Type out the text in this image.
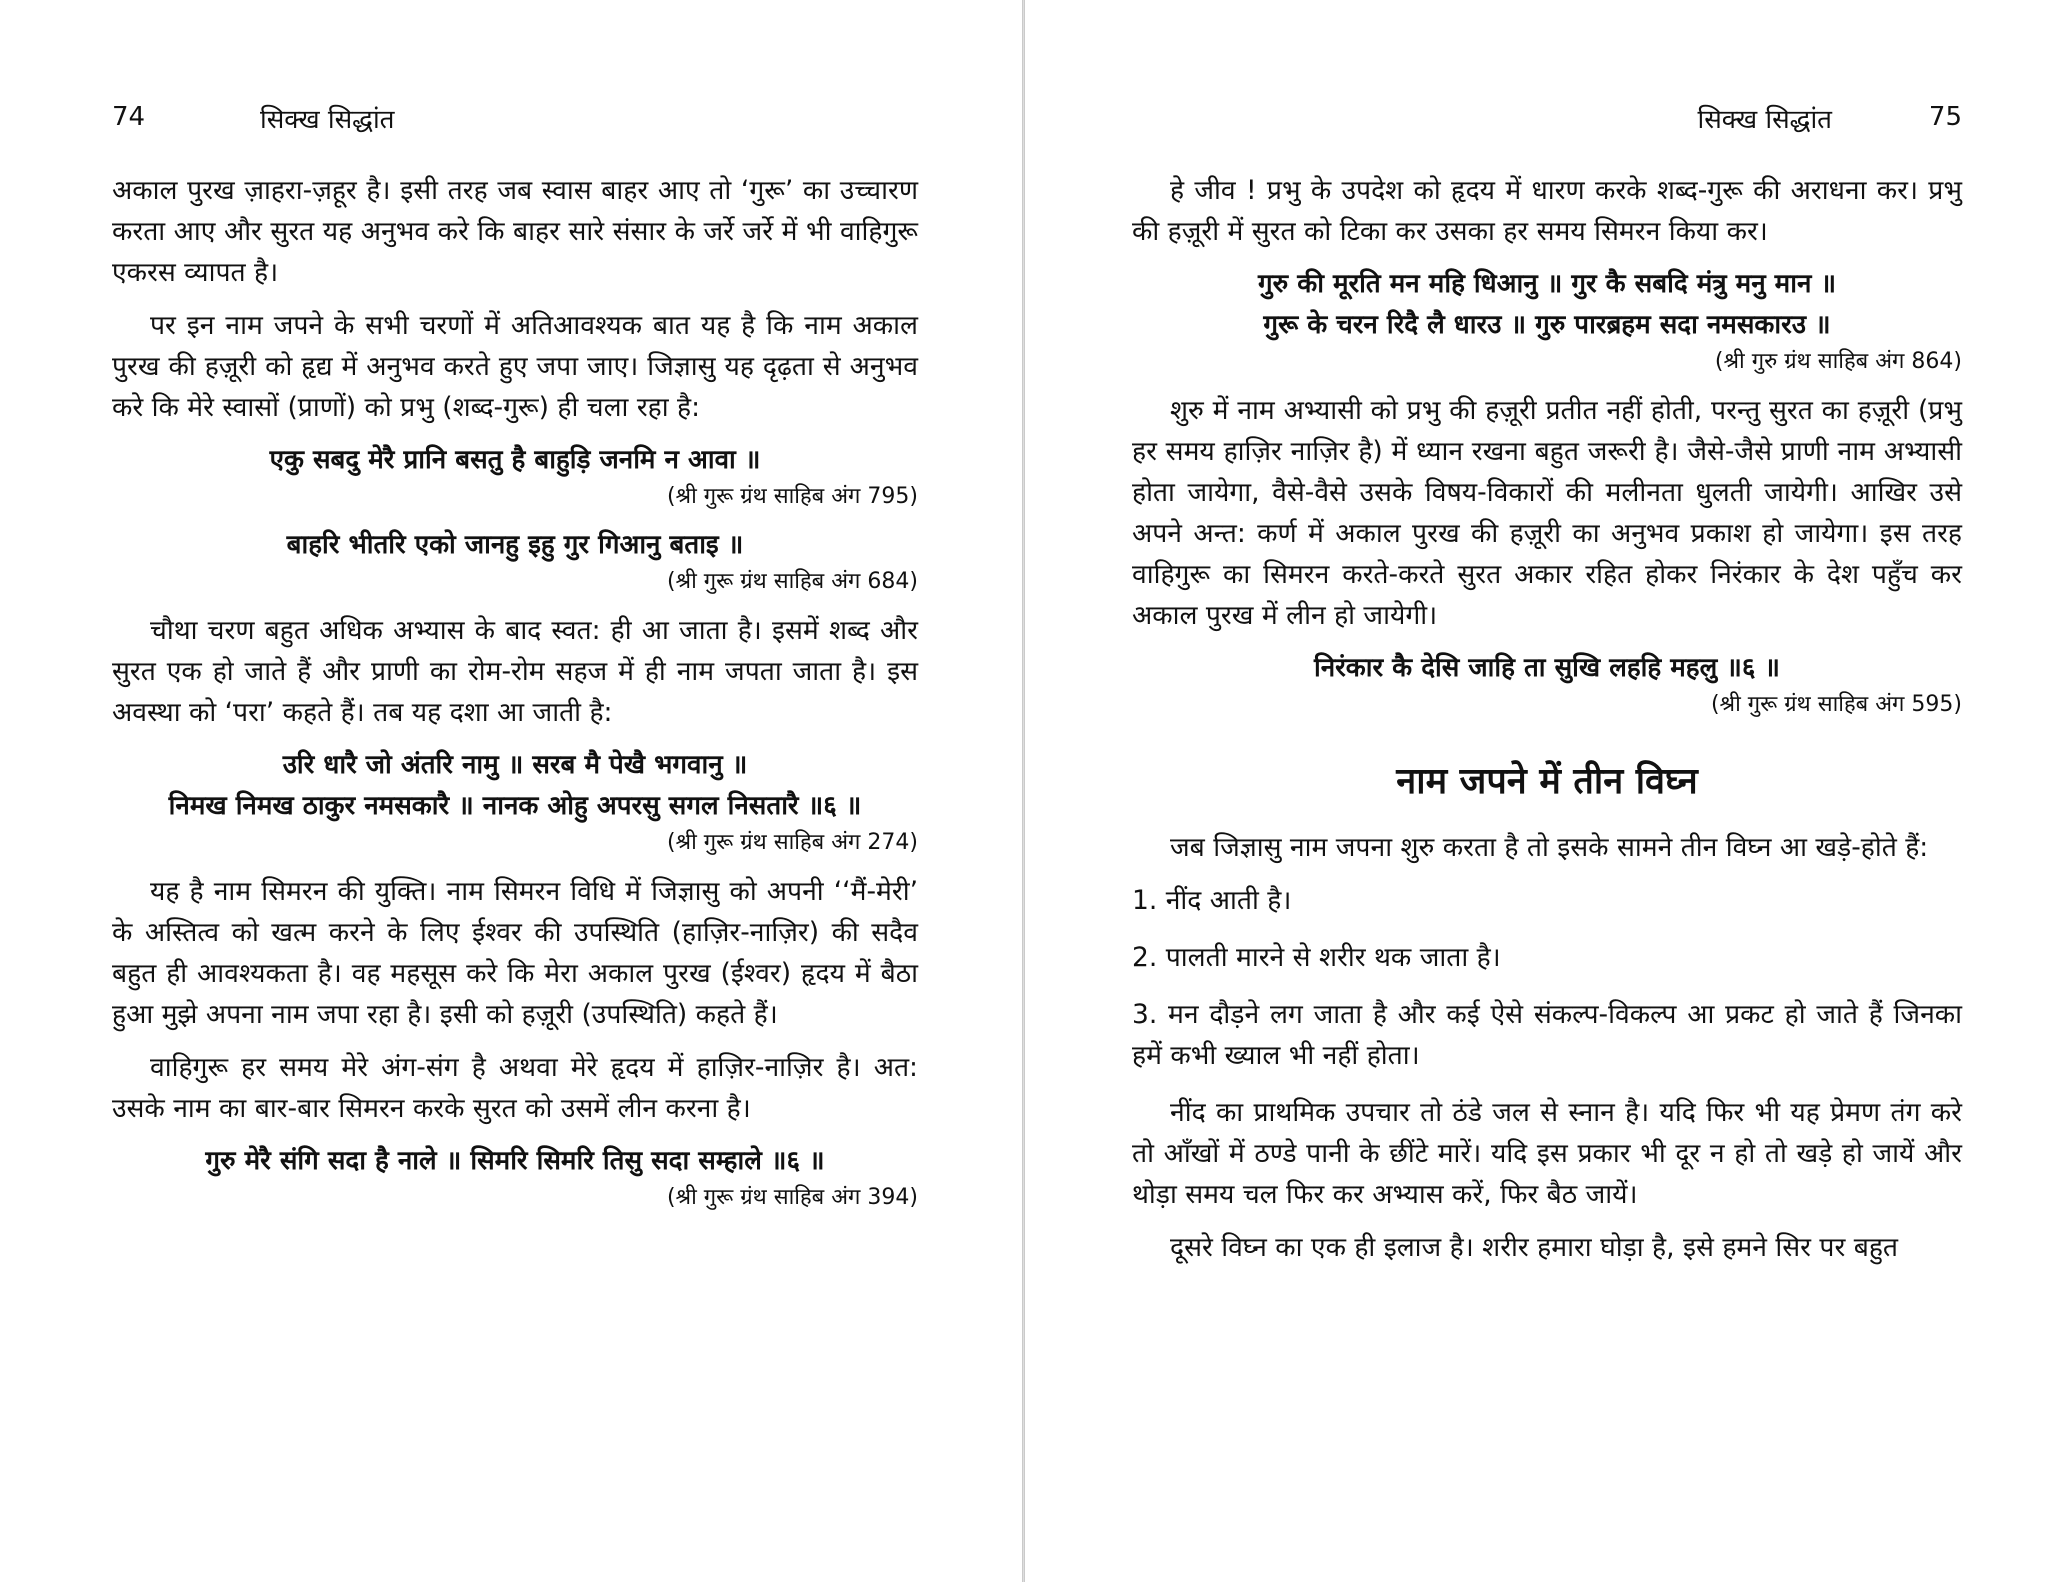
74	सिक्ख सिद्धांत

अकाल पुरख ज़ाहरा-ज़हूर है। इसी तरह जब स्वास बाहर आए तो ‘गुरू’ का उच्चारण करता आए और सुरत यह अनुभव करे कि बाहर सारे संसार के जर्रे जर्रे में भी वाहिगुरू एकरस व्यापत है।

पर इन नाम जपने के सभी चरणों में अतिआवश्यक बात यह है कि नाम अकाल पुरख की हज़ूरी को हृद्य में अनुभव करते हुए जपा जाए। जिज्ञासु यह दृढ़ता से अनुभव करे कि मेरे स्वासों (प्राणों) को प्रभु (शब्द-गुरू) ही चला रहा है:

एकु सबदु मेरै प्रानि बसतु है बाहुड़ि जनमि न आवा ॥
(श्री गुरू ग्रंथ साहिब अंग 795)
बाहरि भीतरि एको जानहु इहु गुर गिआनु बताइ ॥
(श्री गुरू ग्रंथ साहिब अंग 684)

चौथा चरण बहुत अधिक अभ्यास के बाद स्वत: ही आ जाता है। इसमें शब्द और सुरत एक हो जाते हैं और प्राणी का रोम-रोम सहज में ही नाम जपता जाता है। इस अवस्था को ‘परा’ कहते हैं। तब यह दशा आ जाती है:

उरि धारै जो अंतरि नामु ॥ सरब मै पेखै भगवानु ॥
निमख निमख ठाकुर नमसकारै ॥ नानक ओहु अपरसु सगल निसतारै ॥६ ॥
(श्री गुरू ग्रंथ साहिब अंग 274)

यह है नाम सिमरन की युक्ति। नाम सिमरन विधि में जिज्ञासु को अपनी ‘‘मैं-मेरी’ के अस्तित्व को खत्म करने के लिए ईश्वर की उपस्थिति (हाज़िर-नाज़िर) की सदैव बहुत ही आवश्यकता है। वह महसूस करे कि मेरा अकाल पुरख (ईश्वर) हृदय में बैठा हुआ मुझे अपना नाम जपा रहा है। इसी को हज़ूरी (उपस्थिति) कहते हैं।

वाहिगुरू हर समय मेरे अंग-संग है अथवा मेरे हृदय में हाज़िर-नाज़िर है। अत: उसके नाम का बार-बार सिमरन करके सुरत को उसमें लीन करना है।

गुरु मेरै संगि सदा है नाले ॥ सिमरि सिमरि तिसु सदा सम्हाले ॥६ ॥
(श्री गुरू ग्रंथ साहिब अंग 394)
सिक्ख सिद्धांत	75

हे जीव ! प्रभु के उपदेश को हृदय में धारण करके शब्द-गुरू की अराधना कर। प्रभु की हज़ूरी में सुरत को टिका कर उसका हर समय सिमरन किया कर।

गुरु की मूरति मन महि धिआनु ॥ गुर कै सबदि मंत्रु मनु मान ॥
गुरू के चरन रिदै लै धारउ ॥ गुरु पारब्रहम सदा नमसकारउ ॥
(श्री गुरु ग्रंथ साहिब अंग 864)

शुरु में नाम अभ्यासी को प्रभु की हज़ूरी प्रतीत नहीं होती, परन्तु सुरत का हज़ूरी (प्रभु हर समय हाज़िर नाज़िर है) में ध्यान रखना बहुत जरूरी है। जैसे-जैसे प्राणी नाम अभ्यासी होता जायेगा, वैसे-वैसे उसके विषय-विकारों की मलीनता धुलती जायेगी। आखिर उसे अपने अन्त: कर्ण में अकाल पुरख की हज़ूरी का अनुभव प्रकाश हो जायेगा। इस तरह वाहिगुरू का सिमरन करते-करते सुरत अकार रहित होकर निरंकार के देश पहुँच कर अकाल पुरख में लीन हो जायेगी।

निरंकार कै देसि जाहि ता सुखि लहहि महलु ॥६ ॥
(श्री गुरू ग्रंथ साहिब अंग 595)
नाम जपने में तीन विघ्न

जब जिज्ञासु नाम जपना शुरु करता है तो इसके सामने तीन विघ्न आ खड़े-होते हैं:

1. नींद आती है।
2. पालती मारने से शरीर थक जाता है।
3. मन दौड़ने लग जाता है और कई ऐसे संकल्प-विकल्प आ प्रकट हो जाते हैं जिनका हमें कभी ख्याल भी नहीं होता।

नींद का प्राथमिक उपचार तो ठंडे जल से स्नान है। यदि फिर भी यह प्रेमण तंग करे तो आँखों में ठण्डे पानी के छींटे मारें। यदि इस प्रकार भी दूर न हो तो खड़े हो जायें और थोड़ा समय चल फिर कर अभ्यास करें, फिर बैठ जायें।

दूसरे विघ्न का एक ही इलाज है। शरीर हमारा घोड़ा है, इसे हमने सिर पर बहुत
